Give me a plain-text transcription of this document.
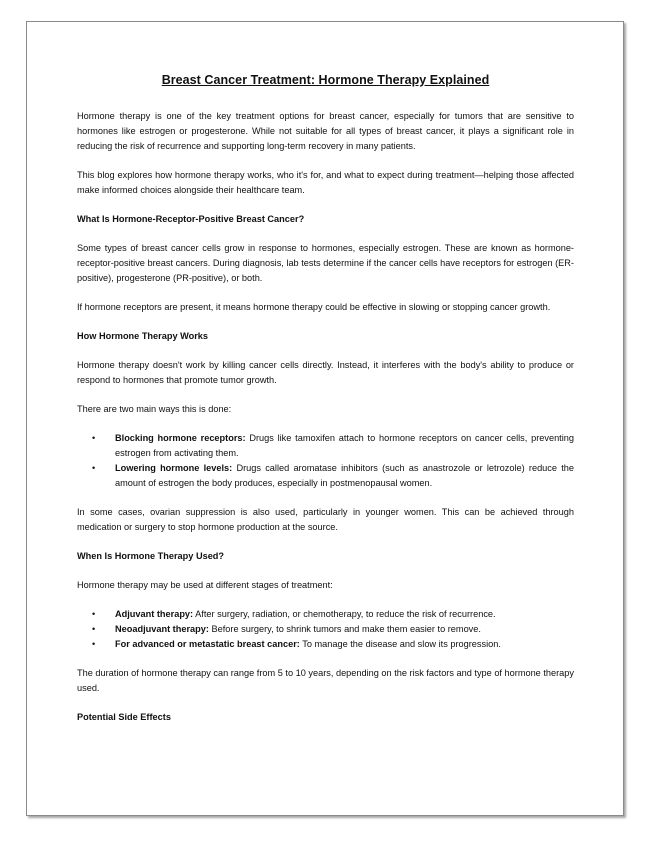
Breast Cancer Treatment: Hormone Therapy Explained

Hormone therapy is one of the key treatment options for breast cancer, especially for tumors that are sensitive to hormones like estrogen or progesterone. While not suitable for all types of breast cancer, it plays a significant role in reducing the risk of recurrence and supporting long-term recovery in many patients.

This blog explores how hormone therapy works, who it's for, and what to expect during treatment—helping those affected make informed choices alongside their healthcare team.

What Is Hormone-Receptor-Positive Breast Cancer?

Some types of breast cancer cells grow in response to hormones, especially estrogen. These are known as hormone-receptor-positive breast cancers. During diagnosis, lab tests determine if the cancer cells have receptors for estrogen (ER-positive), progesterone (PR-positive), or both.

If hormone receptors are present, it means hormone therapy could be effective in slowing or stopping cancer growth.

How Hormone Therapy Works

Hormone therapy doesn't work by killing cancer cells directly. Instead, it interferes with the body's ability to produce or respond to hormones that promote tumor growth.

There are two main ways this is done:

• Blocking hormone receptors: Drugs like tamoxifen attach to hormone receptors on cancer cells, preventing estrogen from activating them.
• Lowering hormone levels: Drugs called aromatase inhibitors (such as anastrozole or letrozole) reduce the amount of estrogen the body produces, especially in postmenopausal women.

In some cases, ovarian suppression is also used, particularly in younger women. This can be achieved through medication or surgery to stop hormone production at the source.

When Is Hormone Therapy Used?

Hormone therapy may be used at different stages of treatment:

• Adjuvant therapy: After surgery, radiation, or chemotherapy, to reduce the risk of recurrence.
• Neoadjuvant therapy: Before surgery, to shrink tumors and make them easier to remove.
• For advanced or metastatic breast cancer: To manage the disease and slow its progression.

The duration of hormone therapy can range from 5 to 10 years, depending on the risk factors and type of hormone therapy used.

Potential Side Effects
